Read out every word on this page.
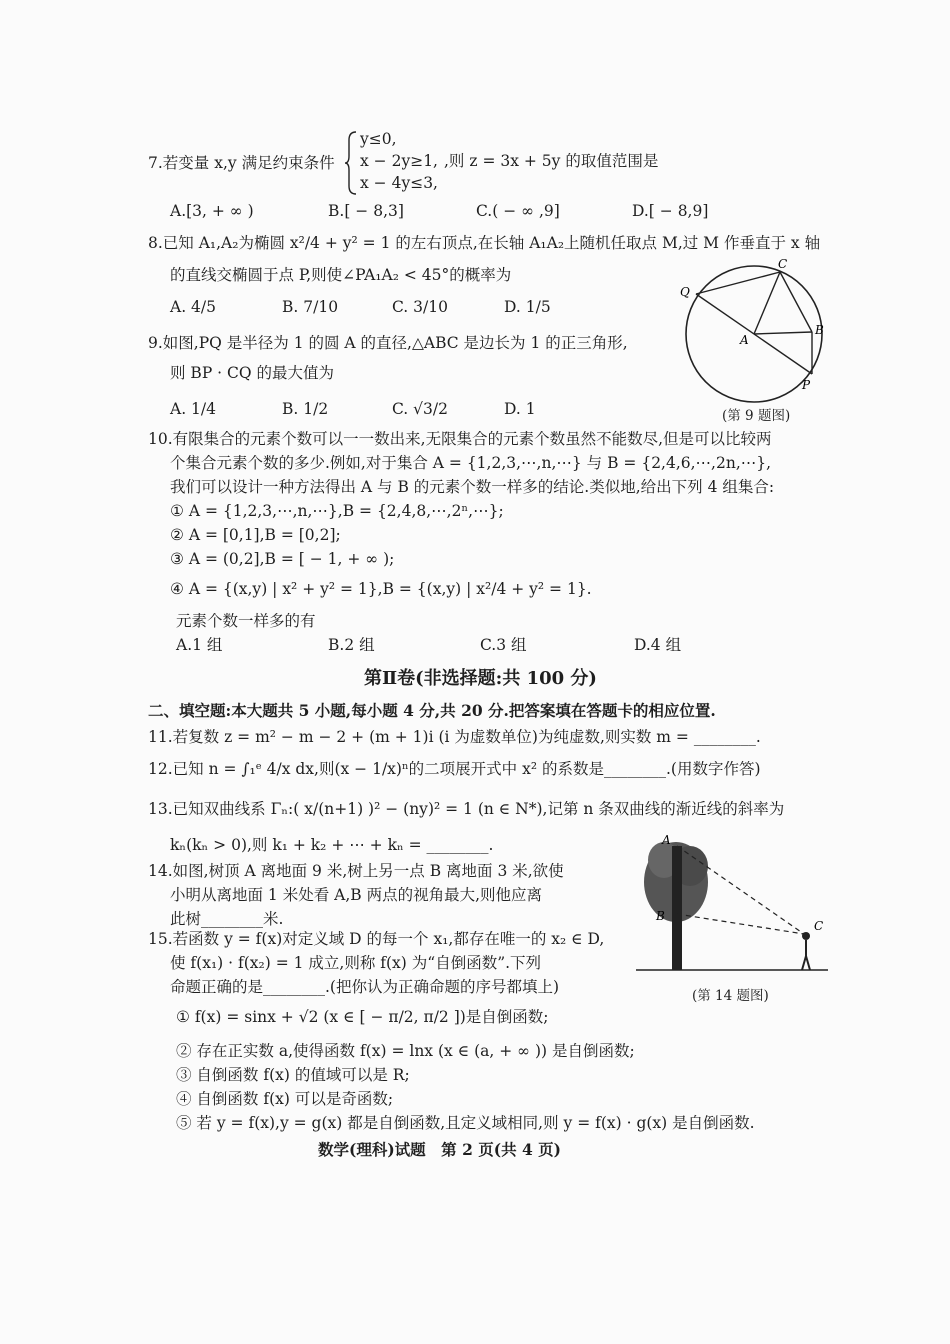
7.若变量 x,y 满足约束条件
y≤0,
x − 2y≥1,
x − 4y≤3,
,则 z = 3x + 5y 的取值范围是
A.[3, + ∞ )	B.[ − 8,3]	C.( − ∞ ,9]	D.[ − 8,9]
8.已知 A₁,A₂为椭圆 x²/4 + y² = 1 的左右顶点,在长轴 A₁A₂上随机任取点 M,过 M 作垂直于 x 轴
的直线交椭圆于点 P,则使∠PA₁A₂ < 45°的概率为
A. 4/5	B. 7/10	C. 3/10	D. 1/5
9.如图,PQ 是半径为 1 的圆 A 的直径,△ABC 是边长为 1 的正三角形,
则 BP · CQ 的最大值为
A. 1/4	B. 1/2	C. √3/2	D. 1
Q
C
A
B
P
(第 9 题图)
10.有限集合的元素个数可以一一数出来,无限集合的元素个数虽然不能数尽,但是可以比较两
个集合元素个数的多少.例如,对于集合 A = {1,2,3,⋯,n,⋯} 与 B = {2,4,6,⋯,2n,⋯},
我们可以设计一种方法得出 A 与 B 的元素个数一样多的结论.类似地,给出下列 4 组集合:
① A = {1,2,3,⋯,n,⋯},B = {2,4,8,⋯,2ⁿ,⋯};
② A = [0,1],B = [0,2];
③ A = (0,2],B = [ − 1, + ∞ );
④ A = {(x,y) | x² + y² = 1},B = {(x,y) | x²/4 + y² = 1}.
元素个数一样多的有
A.1 组	B.2 组	C.3 组	D.4 组
第Ⅱ卷(非选择题:共 100 分)
二、填空题:本大题共 5 小题,每小题 4 分,共 20 分.把答案填在答题卡的相应位置.
11.若复数 z = m² − m − 2 + (m + 1)i (i 为虚数单位)为纯虚数,则实数 m = ________.
12.已知 n = ∫₁ᵉ 4/x dx,则(x − 1/x)ⁿ的二项展开式中 x² 的系数是________.(用数字作答)
13.已知双曲线系 Γₙ:( x/(n+1) )² − (ny)² = 1 (n ∈ N*),记第 n 条双曲线的渐近线的斜率为
kₙ(kₙ > 0),则 k₁ + k₂ + ⋯ + kₙ = ________.
14.如图,树顶 A 离地面 9 米,树上另一点 B 离地面 3 米,欲使
小明从离地面 1 米处看 A,B 两点的视角最大,则他应离
此树________米.
A
B
C
(第 14 题图)
15.若函数 y = f(x)对定义域 D 的每一个 x₁,都存在唯一的 x₂ ∈ D,
使 f(x₁) · f(x₂) = 1 成立,则称 f(x) 为“自倒函数”.下列
命题正确的是________.(把你认为正确命题的序号都填上)
① f(x) = sinx + √2 (x ∈ [ − π/2, π/2 ])是自倒函数;
② 存在正实数 a,使得函数 f(x) = lnx (x ∈ (a, + ∞ )) 是自倒函数;
③ 自倒函数 f(x) 的值域可以是 R;
④ 自倒函数 f(x) 可以是奇函数;
⑤ 若 y = f(x),y = g(x) 都是自倒函数,且定义域相同,则 y = f(x) · g(x) 是自倒函数.
数学(理科)试题　第 2 页(共 4 页)
